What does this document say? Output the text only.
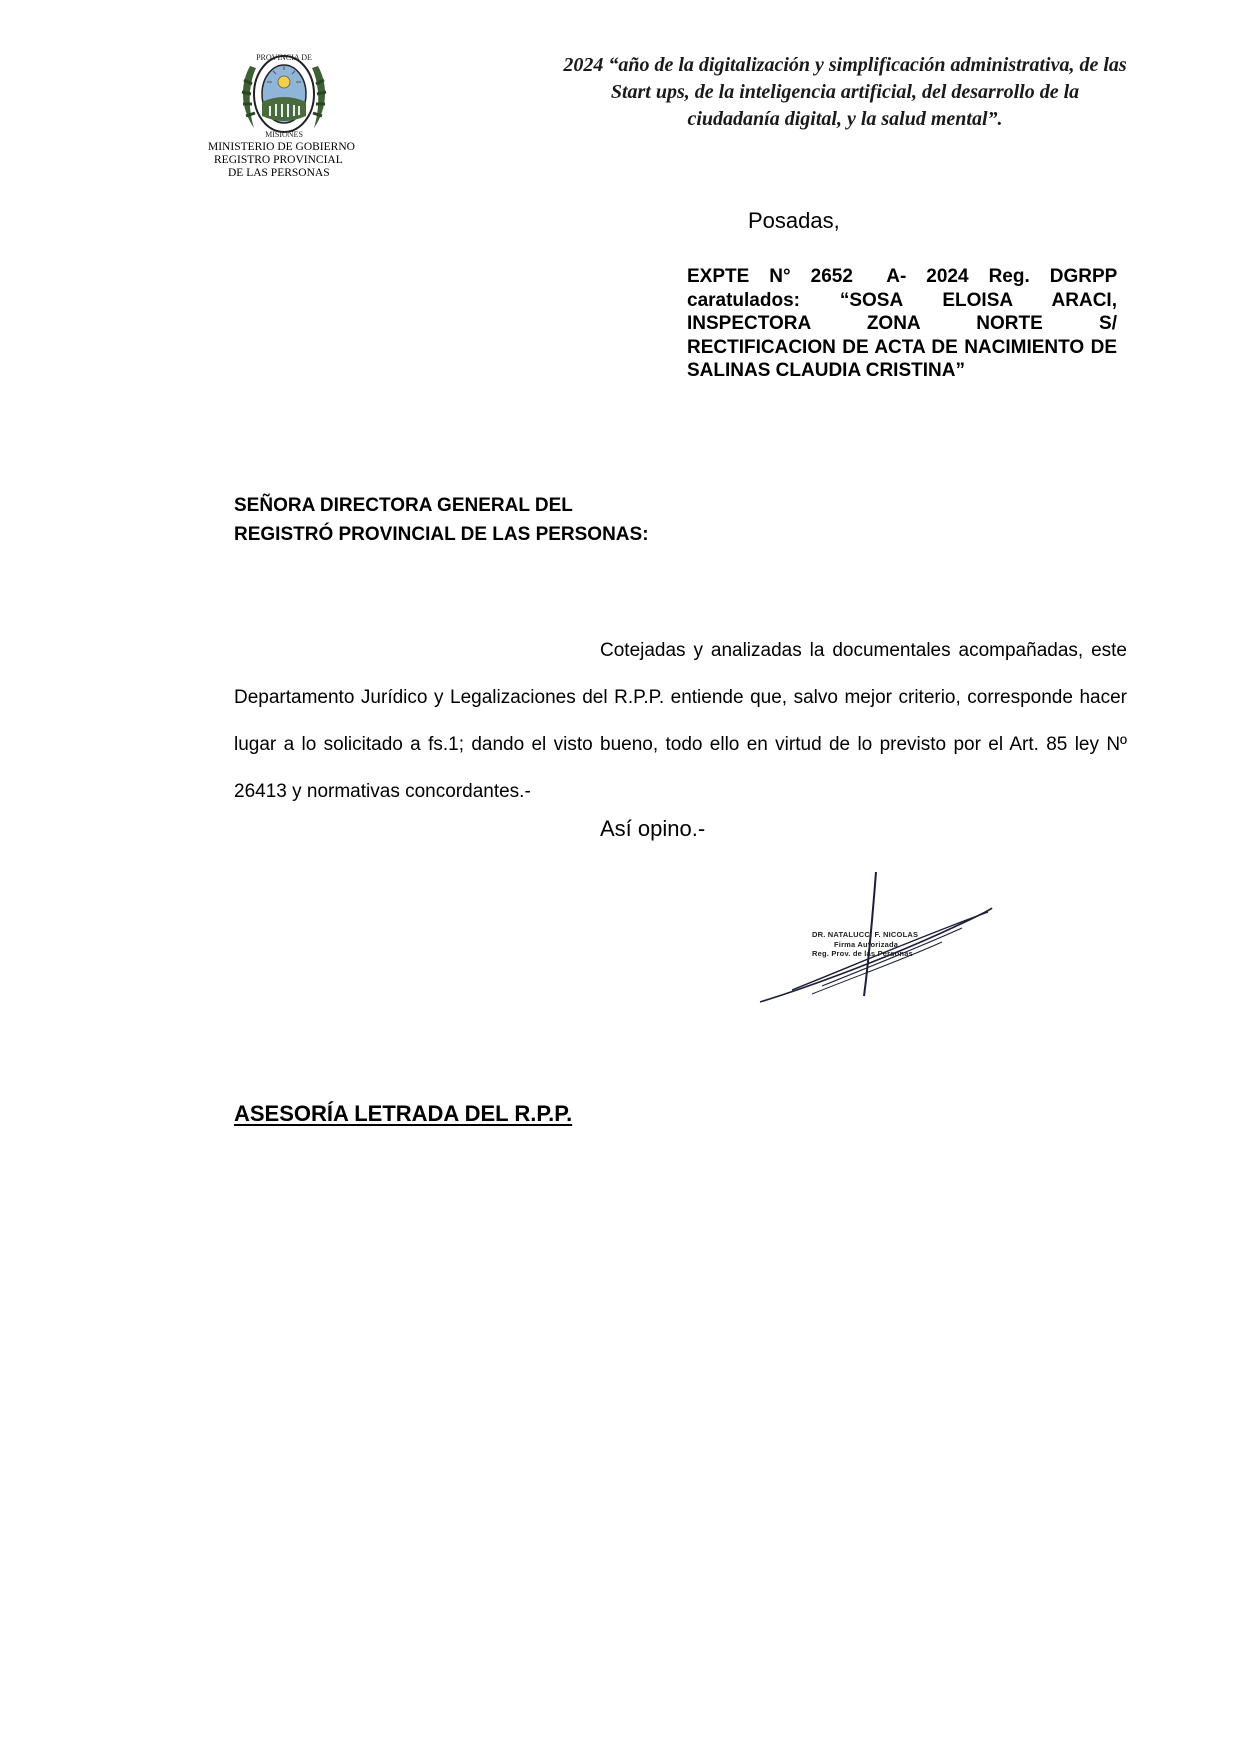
PROVINCIA DE
MISIONES
MINISTERIO DE GOBIERNO
REGISTRO PROVINCIAL
DE LAS PERSONAS
2024 “año de la digitalización y simplificación administrativa, de las
Start ups, de la inteligencia artificial, del desarrollo de la
ciudadanía digital, y la salud mental”.
Posadas,
EXPTE N° 2652 A- 2024 Reg. DGRPP caratulados: “SOSA ELOISA ARACI, INSPECTORA ZONA NORTE S/ RECTIFICACION DE ACTA DE NACIMIENTO DE SALINAS CLAUDIA CRISTINA”
SEÑORA DIRECTORA GENERAL DEL
REGISTRÓ PROVINCIAL DE LAS PERSONAS:
Cotejadas y analizadas la documentales acompañadas, este Departamento Jurídico y Legalizaciones del R.P.P. entiende que, salvo mejor criterio, corresponde hacer lugar a lo solicitado a fs.1; dando el visto bueno, todo ello en virtud de lo previsto por el Art. 85 ley Nº 26413 y normativas concordantes.-
Así opino.-
DR. NATALUCCI F. NICOLAS
Firma Autorizada
Reg. Prov. de las Personas
ASESORÍA LETRADA DEL R.P.P.
